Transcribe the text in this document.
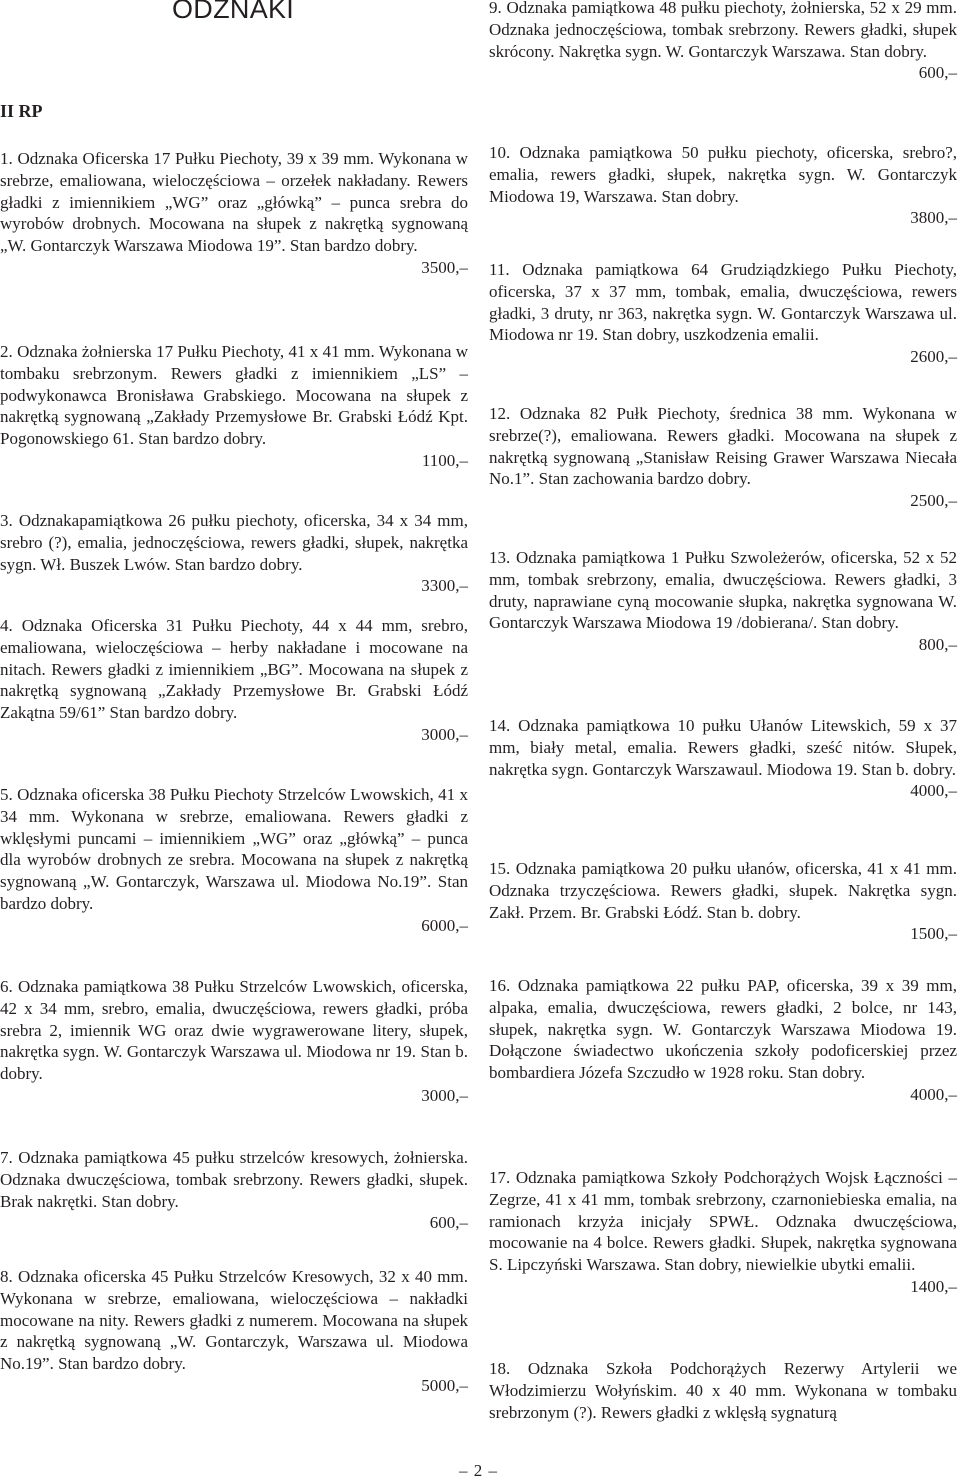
ODZNAKI
II RP

1. Odznaka Oficerska 17 Pułku Piechoty, 39 x 39 mm. Wykonana w srebrze, emaliowana, wieloczęściowa – orzełek nakładany. Rewers gładki z imiennikiem „WG” oraz „główką” – punca srebra do wyrobów drobnych. Mocowana na słupek z nakrętką sygnowaną „W. Gontarczyk Warszawa Miodowa 19”. Stan bardzo dobry.

3500,–

2. Odznaka żołnierska 17 Pułku Piechoty, 41 x 41 mm. Wykonana w tombaku srebrzonym. Rewers gładki z imiennikiem „LS” – podwykonawca Bronisława Grabskiego. Mocowana na słupek z nakrętką sygnowaną „Zakłady Przemysłowe Br. Grabski Łódź Kpt. Pogonowskiego 61. Stan bardzo dobry.

1100,–

3. Odznakapamiątkowa 26 pułku piechoty, oficerska, 34 x 34 mm, srebro (?), emalia, jednoczęściowa, rewers gładki, słupek, nakrętka sygn. Wł. Buszek Lwów. Stan bardzo dobry.

3300,–

4. Odznaka Oficerska 31 Pułku Piechoty, 44 x 44 mm, srebro, emaliowana, wieloczęściowa – herby nakładane i mocowane na nitach. Rewers gładki z imiennikiem „BG”. Mocowana na słupek z nakrętką sygnowaną „Zakłady Przemysłowe Br. Grabski Łódź Zakątna 59/61” Stan bardzo dobry.

3000,–

5. Odznaka oficerska 38 Pułku Piechoty Strzelców Lwowskich, 41 x 34 mm. Wykonana w srebrze, emaliowana. Rewers gładki z wklęsłymi puncami – imiennikiem „WG” oraz „główką” – punca dla wyrobów drobnych ze srebra. Mocowana na słupek z nakrętką sygnowaną „W. Gontarczyk, Warszawa ul. Miodowa No.19”. Stan bardzo dobry.

6000,–

6. Odznaka pamiątkowa 38 Pułku Strzelców Lwowskich, oficerska, 42 x 34 mm, srebro, emalia, dwuczęściowa, rewers gładki, próba srebra 2, imiennik WG oraz dwie wygrawerowane litery, słupek, nakrętka sygn. W. Gontarczyk Warszawa ul. Miodowa nr 19. Stan b. dobry.

3000,–

7. Odznaka pamiątkowa 45 pułku strzelców kresowych, żołnierska. Odznaka dwuczęściowa, tombak srebrzony. Rewers gładki, słupek. Brak nakrętki. Stan dobry.

600,–

8. Odznaka oficerska 45 Pułku Strzelców Kresowych, 32 x 40 mm. Wykonana w srebrze, emaliowana, wieloczęściowa – nakładki mocowane na nity. Rewers gładki z numerem. Mocowana na słupek z nakrętką sygnowaną „W. Gontarczyk, Warszawa ul. Miodowa No.19”. Stan bardzo dobry.

5000,–

9. Odznaka pamiątkowa 48 pułku piechoty, żołnierska, 52 x 29 mm. Odznaka jednoczęściowa, tombak srebrzony. Rewers gładki, słupek skrócony. Nakrętka sygn. W. Gontarczyk Warszawa. Stan dobry.

600,–

10. Odznaka pamiątkowa 50 pułku piechoty, oficerska, srebro?, emalia, rewers gładki, słupek, nakrętka sygn. W. Gontarczyk Miodowa 19, Warszawa. Stan dobry.

3800,–

11. Odznaka pamiątkowa 64 Grudziądzkiego Pułku Piechoty, oficerska, 37 x 37 mm, tombak, emalia, dwuczęściowa, rewers gładki, 3 druty, nr 363, nakrętka sygn. W. Gontarczyk Warszawa ul. Miodowa nr 19. Stan dobry, uszkodzenia emalii.

2600,–

12. Odznaka 82 Pułk Piechoty, średnica 38 mm. Wykonana w srebrze(?), emaliowana. Rewers gładki. Mocowana na słupek z nakrętką sygnowaną „Stanisław Reising Grawer Warszawa Niecała No.1”. Stan zachowania bardzo dobry.

2500,–

13. Odznaka pamiątkowa 1 Pułku Szwoleżerów, oficerska, 52 x 52 mm, tombak srebrzony, emalia, dwuczęściowa. Rewers gładki, 3 druty, naprawiane cyną mocowanie słupka, nakrętka sygnowana W. Gontarczyk Warszawa Miodowa 19 /dobierana/. Stan dobry.

800,–

14. Odznaka pamiątkowa 10 pułku Ułanów Litewskich, 59 x 37 mm, biały metal, emalia. Rewers gładki, sześć nitów. Słupek, nakrętka sygn. Gontarczyk Warszawaul. Miodowa 19. Stan b. dobry.

4000,–

15. Odznaka pamiątkowa 20 pułku ułanów, oficerska, 41 x 41 mm. Odznaka trzyczęściowa. Rewers gładki, słupek. Nakrętka sygn. Zakł. Przem. Br. Grabski Łódź. Stan b. dobry.

1500,–

16. Odznaka pamiątkowa 22 pułku PAP, oficerska, 39 x 39 mm, alpaka, emalia, dwuczęściowa, rewers gładki, 2 bolce, nr 143, słupek, nakrętka sygn. W. Gontarczyk Warszawa Miodowa 19. Dołączone świadectwo ukończenia szkoły podoficerskiej przez bombardiera Józefa Szczudło w 1928 roku. Stan dobry.

4000,–

17. Odznaka pamiątkowa Szkoły Podchorążych Wojsk Łączności – Zegrze, 41 x 41 mm, tombak srebrzony, czarnoniebieska emalia, na ramionach krzyża inicjały SPWŁ. Odznaka dwuczęściowa, mocowanie na 4 bolce. Rewers gładki. Słupek, nakrętka sygnowana S. Lipczyński Warszawa. Stan dobry, niewielkie ubytki emalii.

1400,–

18. Odznaka Szkoła Podchorążych Rezerwy Artylerii we Włodzimierzu Wołyńskim. 40 x 40 mm. Wykonana w tombaku srebrzonym (?). Rewers gładki z wklęsłą sygnaturą

– 2 –
